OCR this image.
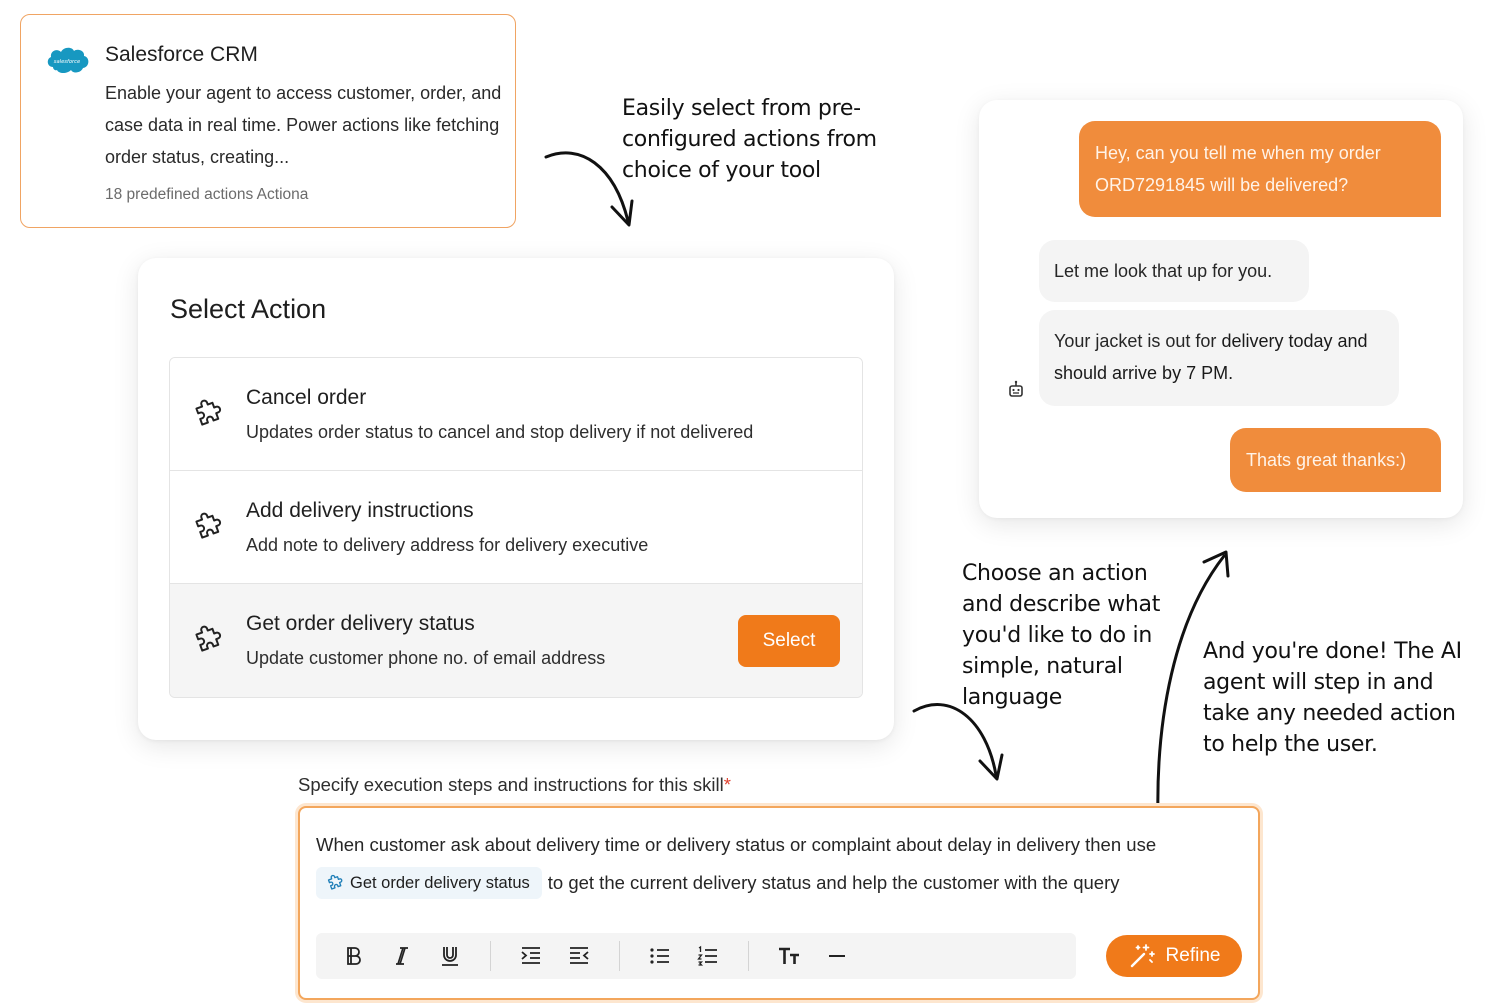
salesforce Salesforce CRM
Enable your agent to access customer, order, and case data in real time. Power actions like fetching order status, creating...
18 predefined actions Actiona
Easily select from pre-configured actions from choice of your tool
Select Action
Cancel order
Updates order status to cancel and stop delivery if not delivered
Add delivery instructions
Add note to delivery address for delivery executive
Get order delivery status
Update customer phone no. of email address
Select
Hey, can you tell me when my order ORD7291845 will be delivered?
Let me look that up for you.
Your jacket is out for delivery today and should arrive by 7 PM.
Thats great thanks:)
Choose an action and describe what you'd like to do in simple, natural language
And you're done! The AI agent will step in and take any needed action to help the user.
Specify execution steps and instructions for this skill*
When customer ask about delivery time or delivery status or complaint about delay in delivery then use
Get order delivery status to get the current delivery status and help the customer with the query
Refine
